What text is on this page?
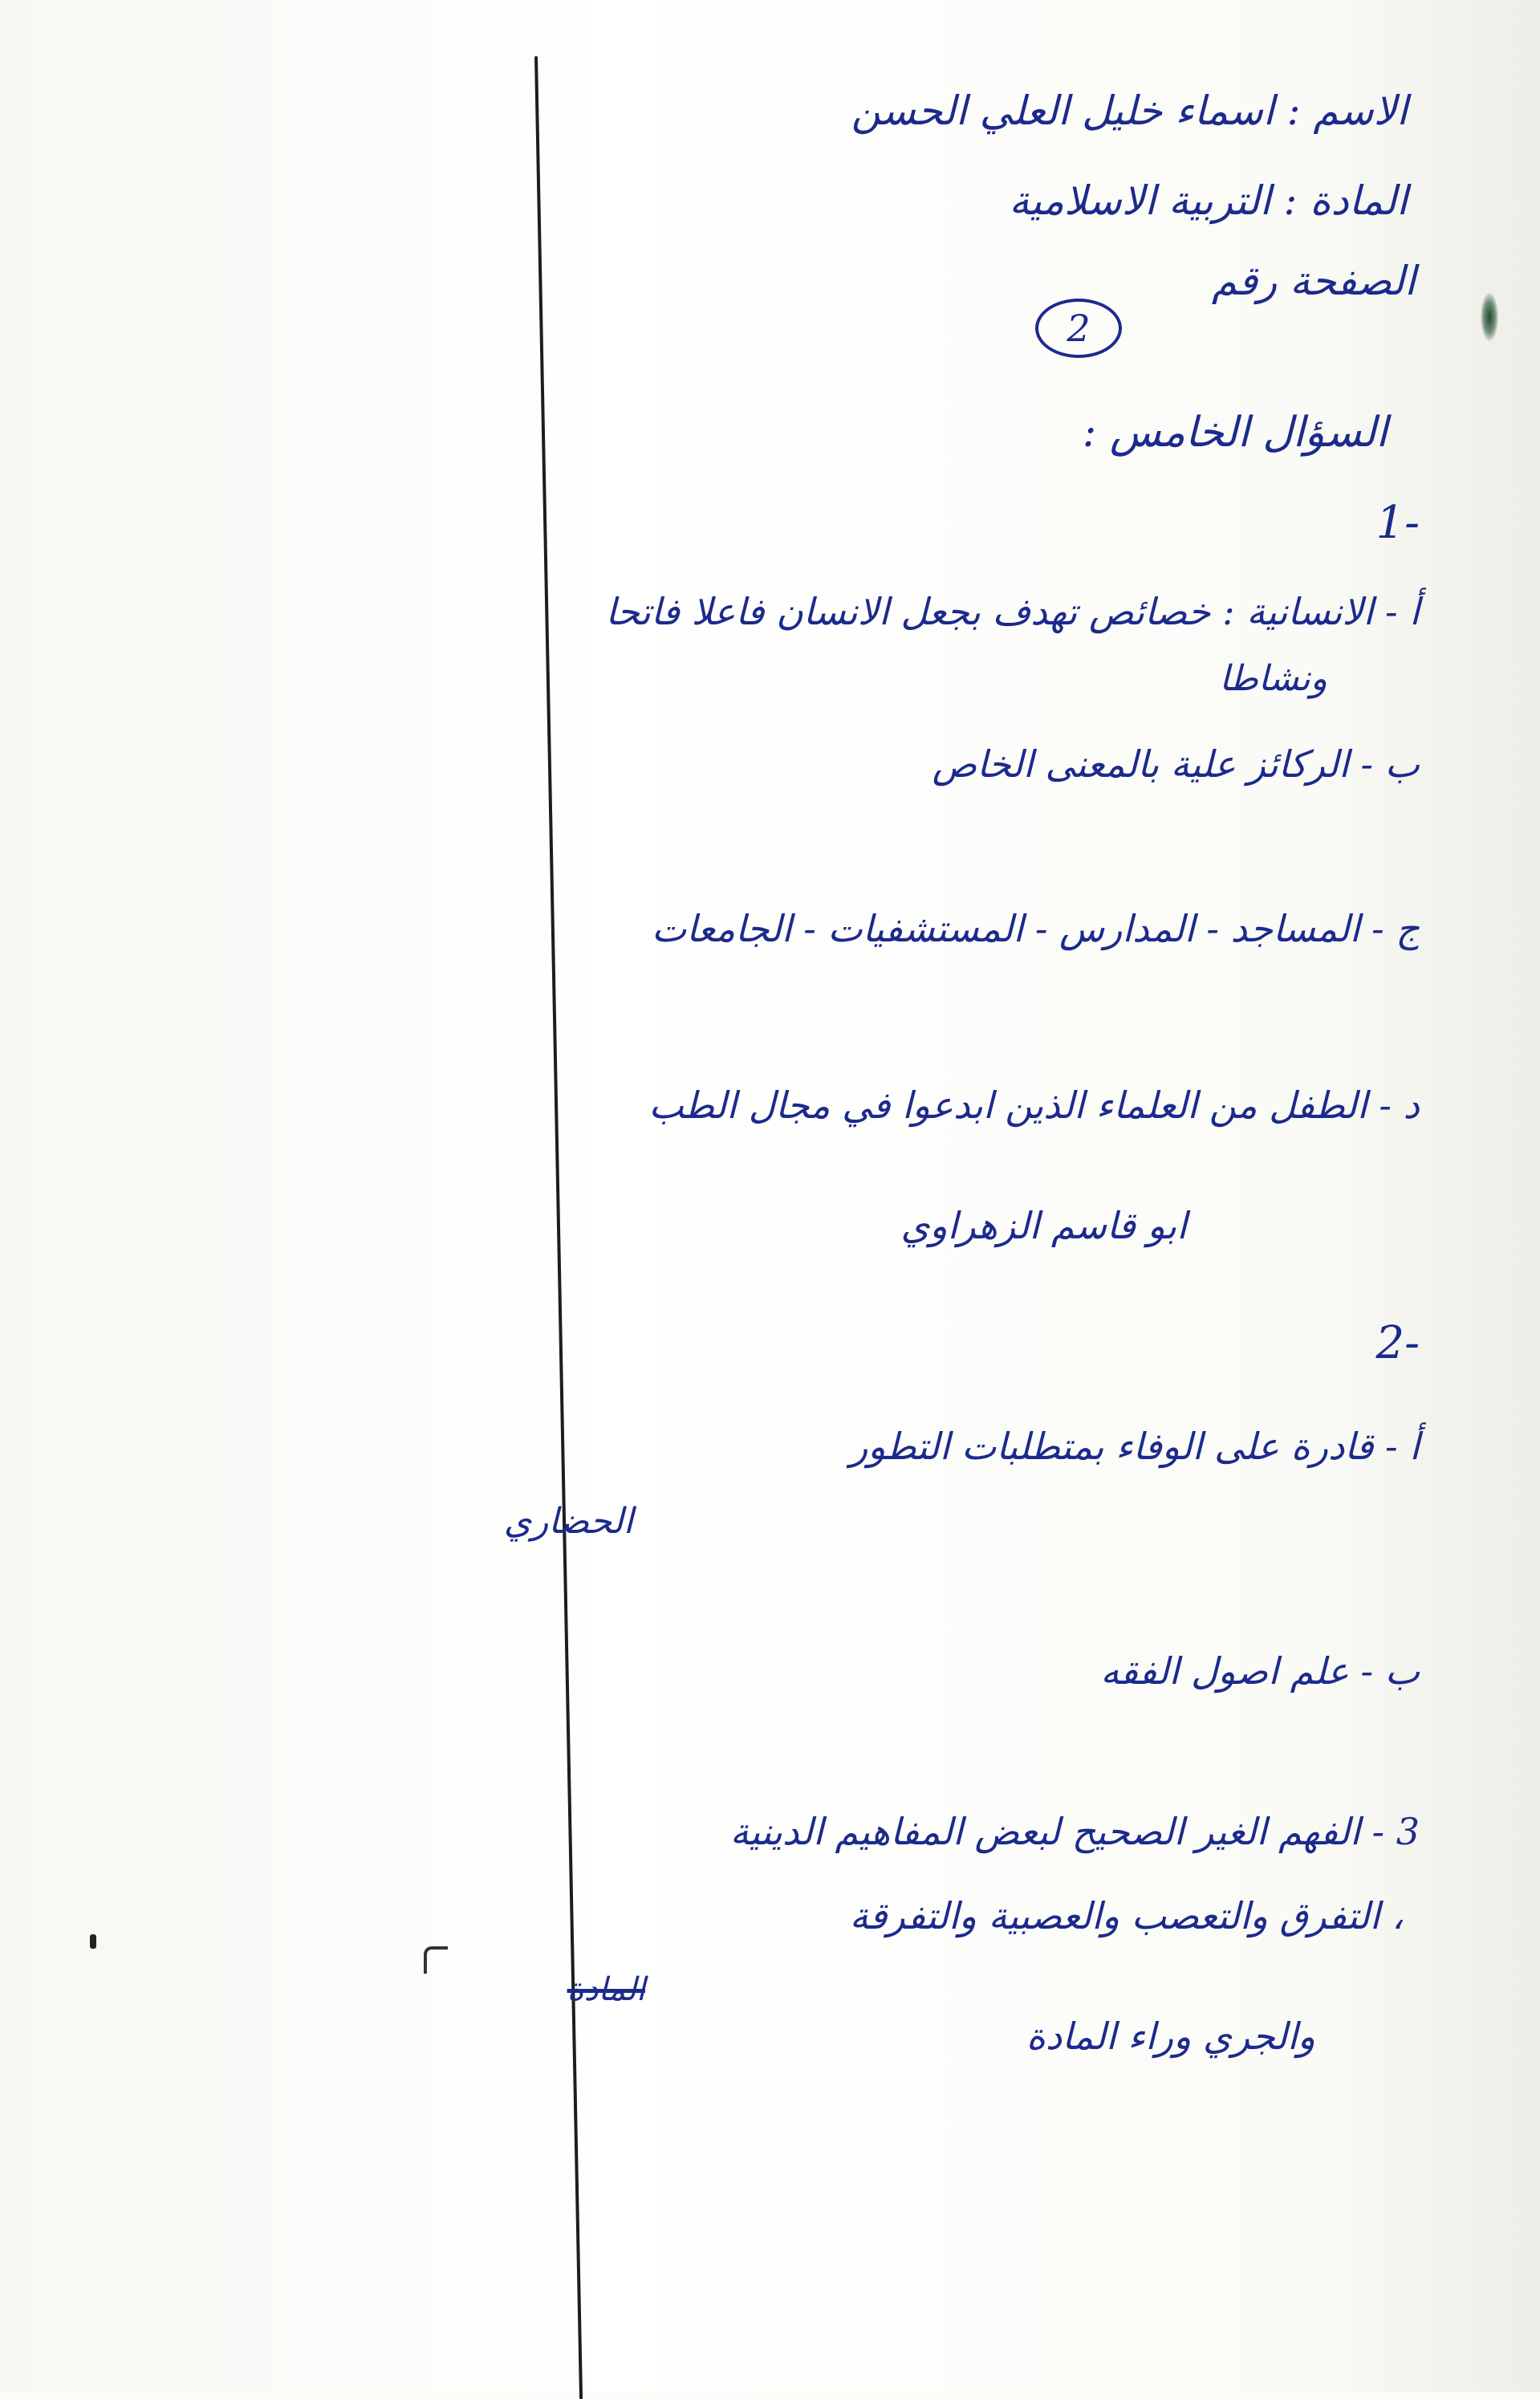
الاسم : اسماء خليل العلي الحسن
المادة : التربية الاسلامية
الصفحة رقم
2
السؤال الخامس :
-1
أ - الانسانية : خصائص تهدف بجعل الانسان فاعلا فاتحا
ونشاطا
ب - الركائز علية بالمعنى الخاص
ج - المساجد - المدارس - المستشفيات - الجامعات
د - الطفل من العلماء الذين ابدعوا في مجال الطب
ابو قاسم الزهراوي
-2
أ - قادرة على الوفاء بمتطلبات التطور
الحضاري
ب - علم اصول الفقه
3 - الفهم الغير الصحيح لبعض المفاهيم الدينية
، التفرق والتعصب والعصبية والتفرقة
المادة
والجري وراء المادة
